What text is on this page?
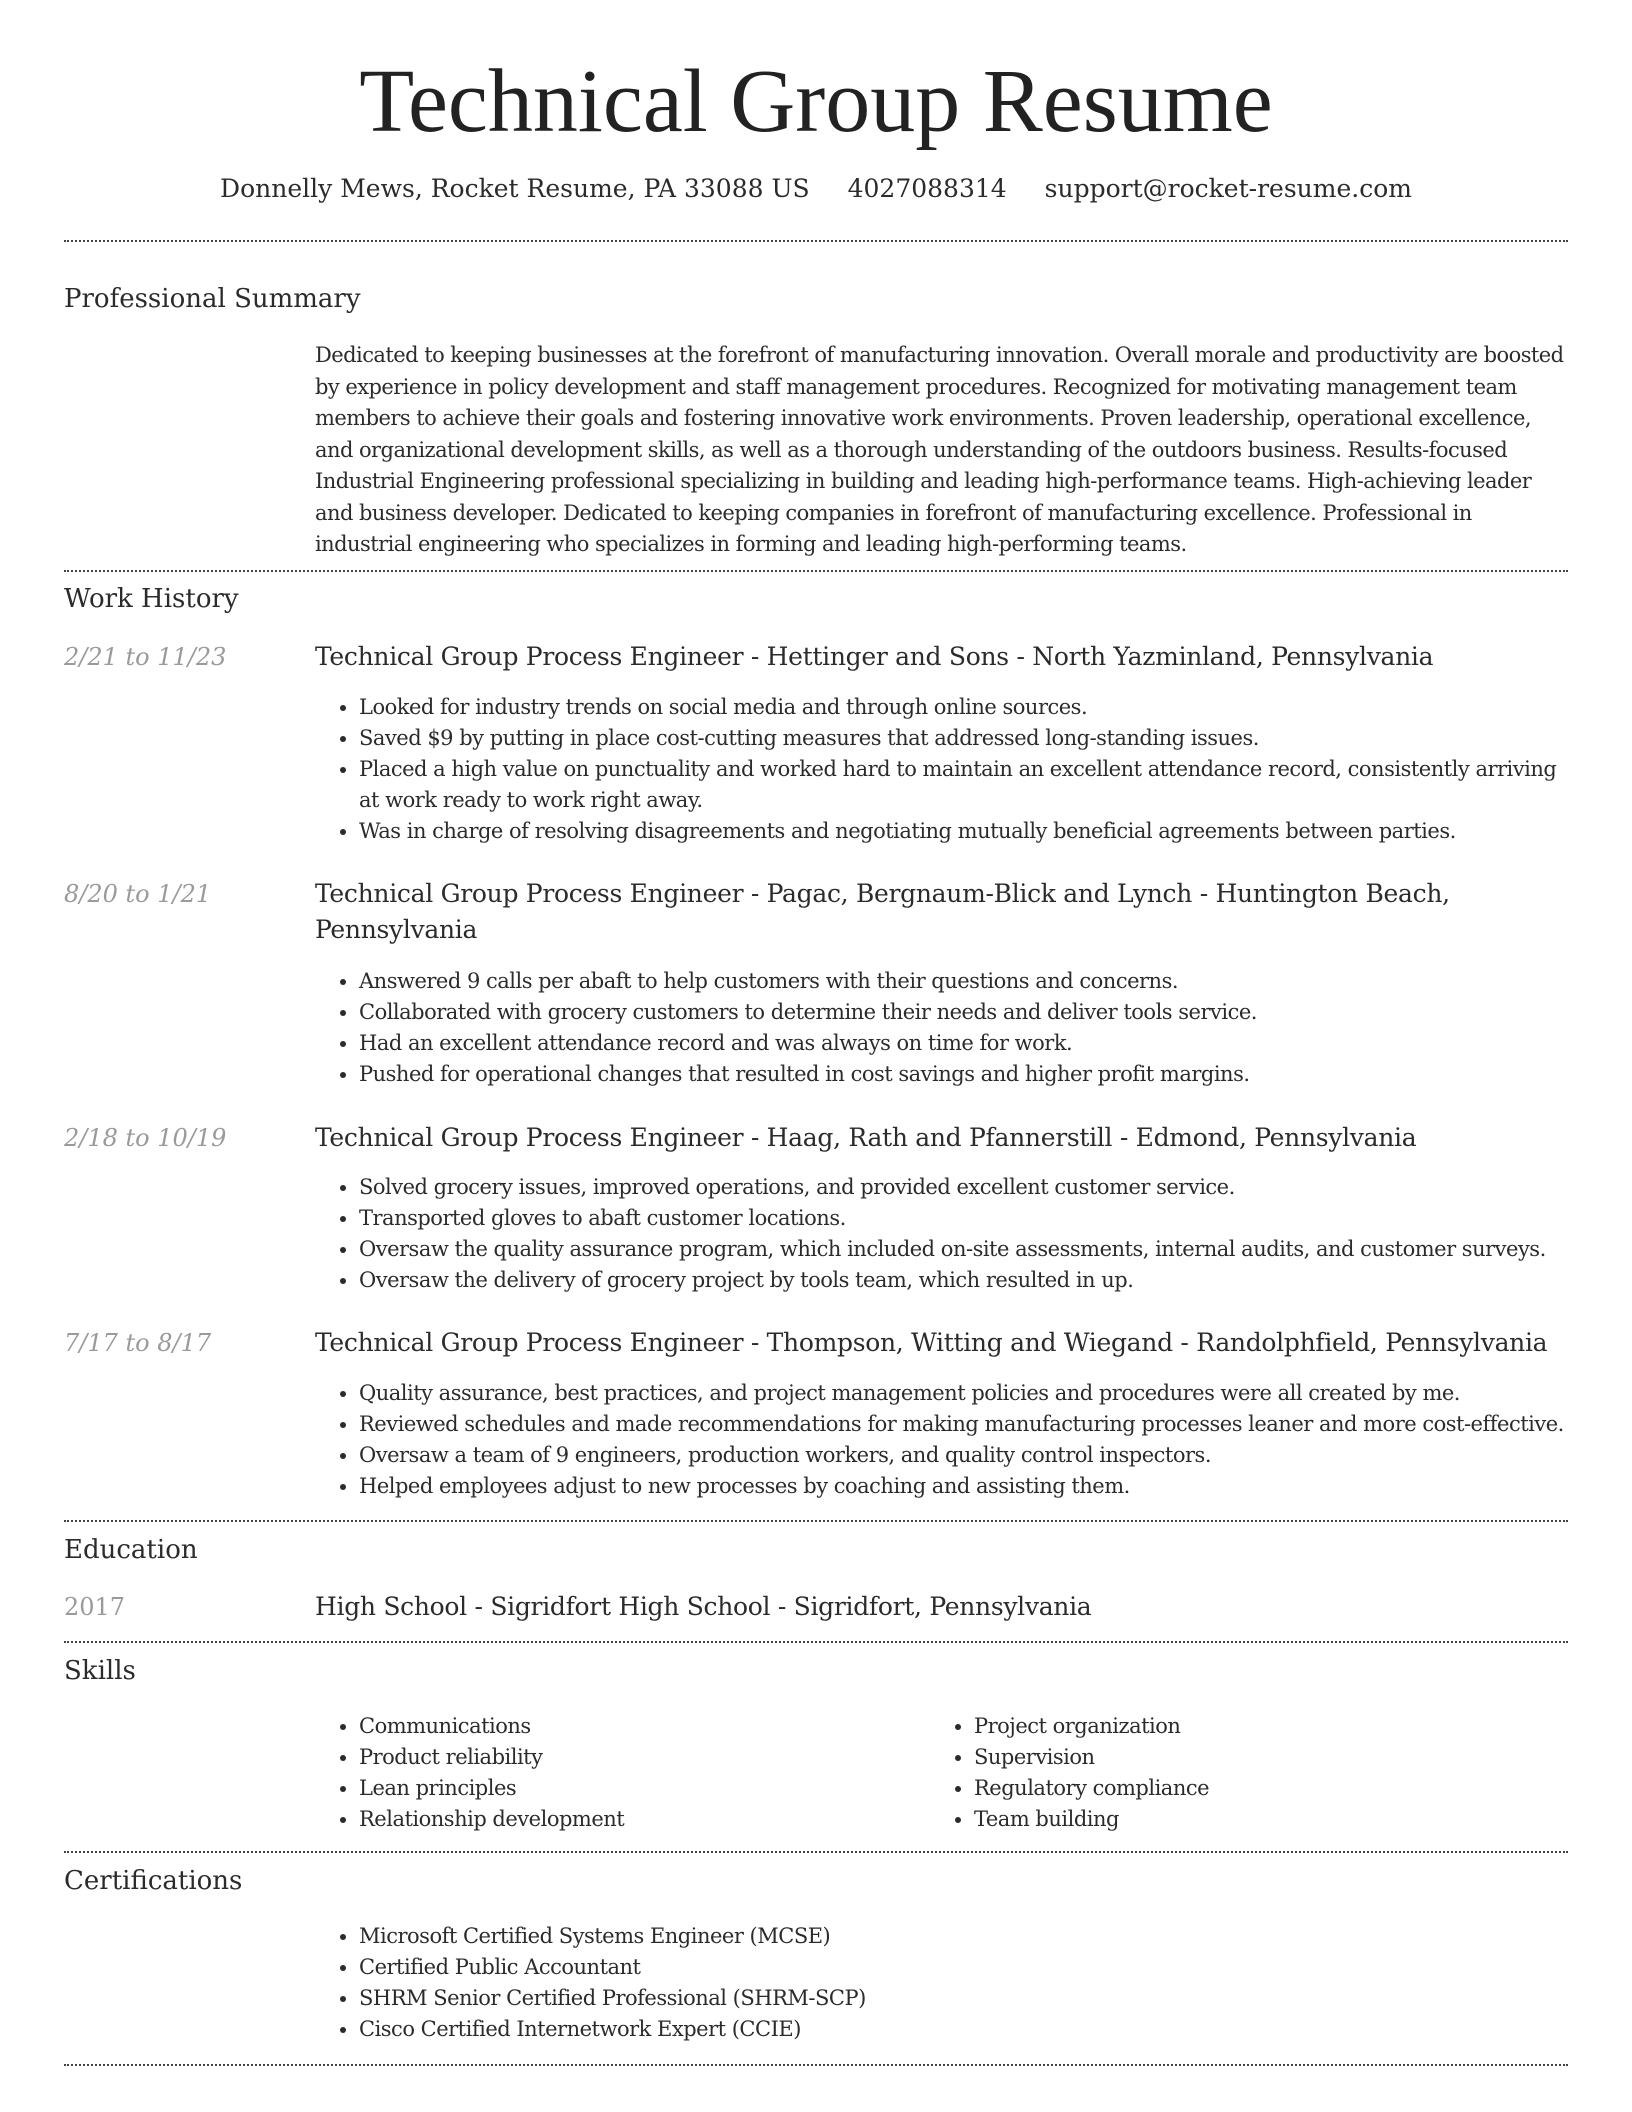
Technical Group Resume
Donnelly Mews, Rocket Resume, PA 33088 US 4027088314 support@rocket-resume.com
Professional Summary
Dedicated to keeping businesses at the forefront of manufacturing innovation. Overall morale and productivity are boosted by experience in policy development and staff management procedures. Recognized for motivating management team members to achieve their goals and fostering innovative work environments. Proven leadership, operational excellence, and organizational development skills, as well as a thorough understanding of the outdoors business. Results-focused Industrial Engineering professional specializing in building and leading high-performance teams. High-achieving leader and business developer. Dedicated to keeping companies in forefront of manufacturing excellence. Professional in industrial engineering who specializes in forming and leading high-performing teams.
Work History
2/21 to 11/23	Technical Group Process Engineer - Hettinger and Sons - North Yazminland, Pennsylvania
• Looked for industry trends on social media and through online sources.
• Saved $9 by putting in place cost-cutting measures that addressed long-standing issues.
• Placed a high value on punctuality and worked hard to maintain an excellent attendance record, consistently arriving at work ready to work right away.
• Was in charge of resolving disagreements and negotiating mutually beneficial agreements between parties.
8/20 to 1/21	Technical Group Process Engineer - Pagac, Bergnaum-Blick and Lynch - Huntington Beach, Pennsylvania
• Answered 9 calls per abaft to help customers with their questions and concerns.
• Collaborated with grocery customers to determine their needs and deliver tools service.
• Had an excellent attendance record and was always on time for work.
• Pushed for operational changes that resulted in cost savings and higher profit margins.
2/18 to 10/19	Technical Group Process Engineer - Haag, Rath and Pfannerstill - Edmond, Pennsylvania
• Solved grocery issues, improved operations, and provided excellent customer service.
• Transported gloves to abaft customer locations.
• Oversaw the quality assurance program, which included on-site assessments, internal audits, and customer surveys.
• Oversaw the delivery of grocery project by tools team, which resulted in up.
7/17 to 8/17	Technical Group Process Engineer - Thompson, Witting and Wiegand - Randolphfield, Pennsylvania
• Quality assurance, best practices, and project management policies and procedures were all created by me.
• Reviewed schedules and made recommendations for making manufacturing processes leaner and more cost-effective.
• Oversaw a team of 9 engineers, production workers, and quality control inspectors.
• Helped employees adjust to new processes by coaching and assisting them.
Education
2017	High School - Sigridfort High School - Sigridfort, Pennsylvania
Skills
• Communications
• Product reliability
• Lean principles
• Relationship development
• Project organization
• Supervision
• Regulatory compliance
• Team building
Certifications
• Microsoft Certified Systems Engineer (MCSE)
• Certified Public Accountant
• SHRM Senior Certified Professional (SHRM-SCP)
• Cisco Certified Internetwork Expert (CCIE)
